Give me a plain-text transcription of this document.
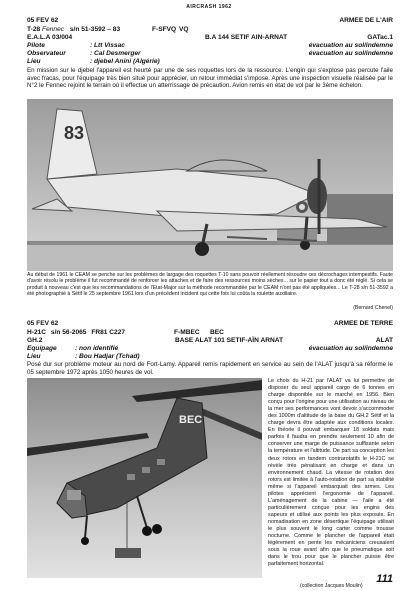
AIRCRASH 1962
05 FEV 62	ARMEE DE L'AIR
T-28 Fennec s/n 51-3592 – 83	F-SFVQ VQ
E.A.L.A 03/004	B.A 144 SETIF AIN-ARNAT	GATac.1
Pilote	: Ltt Vissac	évacuation au sol/indemne
Observateur	: Cal Desmerger	évacuation au sol/indemne
Lieu	: djebel Anini (Algérie)
En mission sur le djebel l'appareil est heurté par une de ses roquettes lors de la ressource. L'engin qui s'explose pas percute l'aile avec fracas, pour l'équipage très bien situé pour apprécier, un retour immédiat s'impose. Après une inspection visuelle réalisée par le N°2 le Fennec rejoint le terrain où il effectue un atterrissage de précaution. Avion remis en état de vol par le 3ème échelon.
83
Au début de 1961 le CEAM se penche sur les problèmes de largage des roquettes T-10 sans pouvoir réellement résoudre ces décrochages intempestifs. Faute d'avoir résolu le problème il fut recommandé de renforcer les attaches et de faire des ressources moins sèches... sur le papier tout a donc été réglé. Si cela se produit à nouveau c'est que les recommandations de l'Etat-Major sur la méthode recommandée par le CEAM n'ont pas été appliquées... Le T-28 s/n 51-3592 a été photographié à Sétif le 25 septembre 1961 lors d'un précédent incident qui cette fois lui coûta la roulette auxiliaire.
(Bernard Chenel)
05 FEV 62	ARMEE DE TERRE
H-21C s/n 56-2065 FR81 C227	F-MBEC BEC
GH.2	BASE ALAT 101 SETIF-AÏN ARNAT	ALAT
Equipage	: non identifié	évacuation au sol/indemne
Lieu	: Bou Hadjar (Tchad)
Posé dur sur problème moteur au nord de Fort-Lamy. Appareil remis rapidement en service au sein de l'ALAT jusqu'à sa réforme le 05 septembre 1972 après 1050 heures de vol.
BEC
Le choix du H-21 par l'ALAT va lui permettre de disposer du seul appareil cargo de 6 tonnes en charge disponible sur le marché en 1956. Bien conçu pour l'origine pour une utilisation au niveau de la mer ses performances vont devoir s'accommoder des 1000m d'altitude de la base du GH.2 Sétif et la charge devra être adaptée aux conditions locales. En théorie il pouvait embarquer 18 soldats mais parfois il faudra en prendre seulement 10 afin de conserver une marge de puissance suffisante selon la température et l'altitude. De part sa conception les deux rotors en tandem contrarotatifs le H-21C se révèle très pénalisant en charge et dans un environnement chaud. La vitesse de rotation des rotors est limitée à l'auto-rotation de part sa stabilité même si l'appareil embarquait des armes. Les pilotes apprécient l'ergonomie de l'appareil. L'aménagement de la cabine — l'aile a été particulièrement conçue pour les engins des sapeurs et utilisé aux points les plus exposés. En nomadisation en zone désertique l'équipage utilisait le plus souvent le long carter comme trousse nocturne. Comme le plancher de l'appareil était légèrement en pente les mécaniciens creusaient sous la roue avant afin que le pneumatique soit dans le trou pour que le plancher puisse être parfaitement horizontal.
(collection Jacques Moulin)
111
